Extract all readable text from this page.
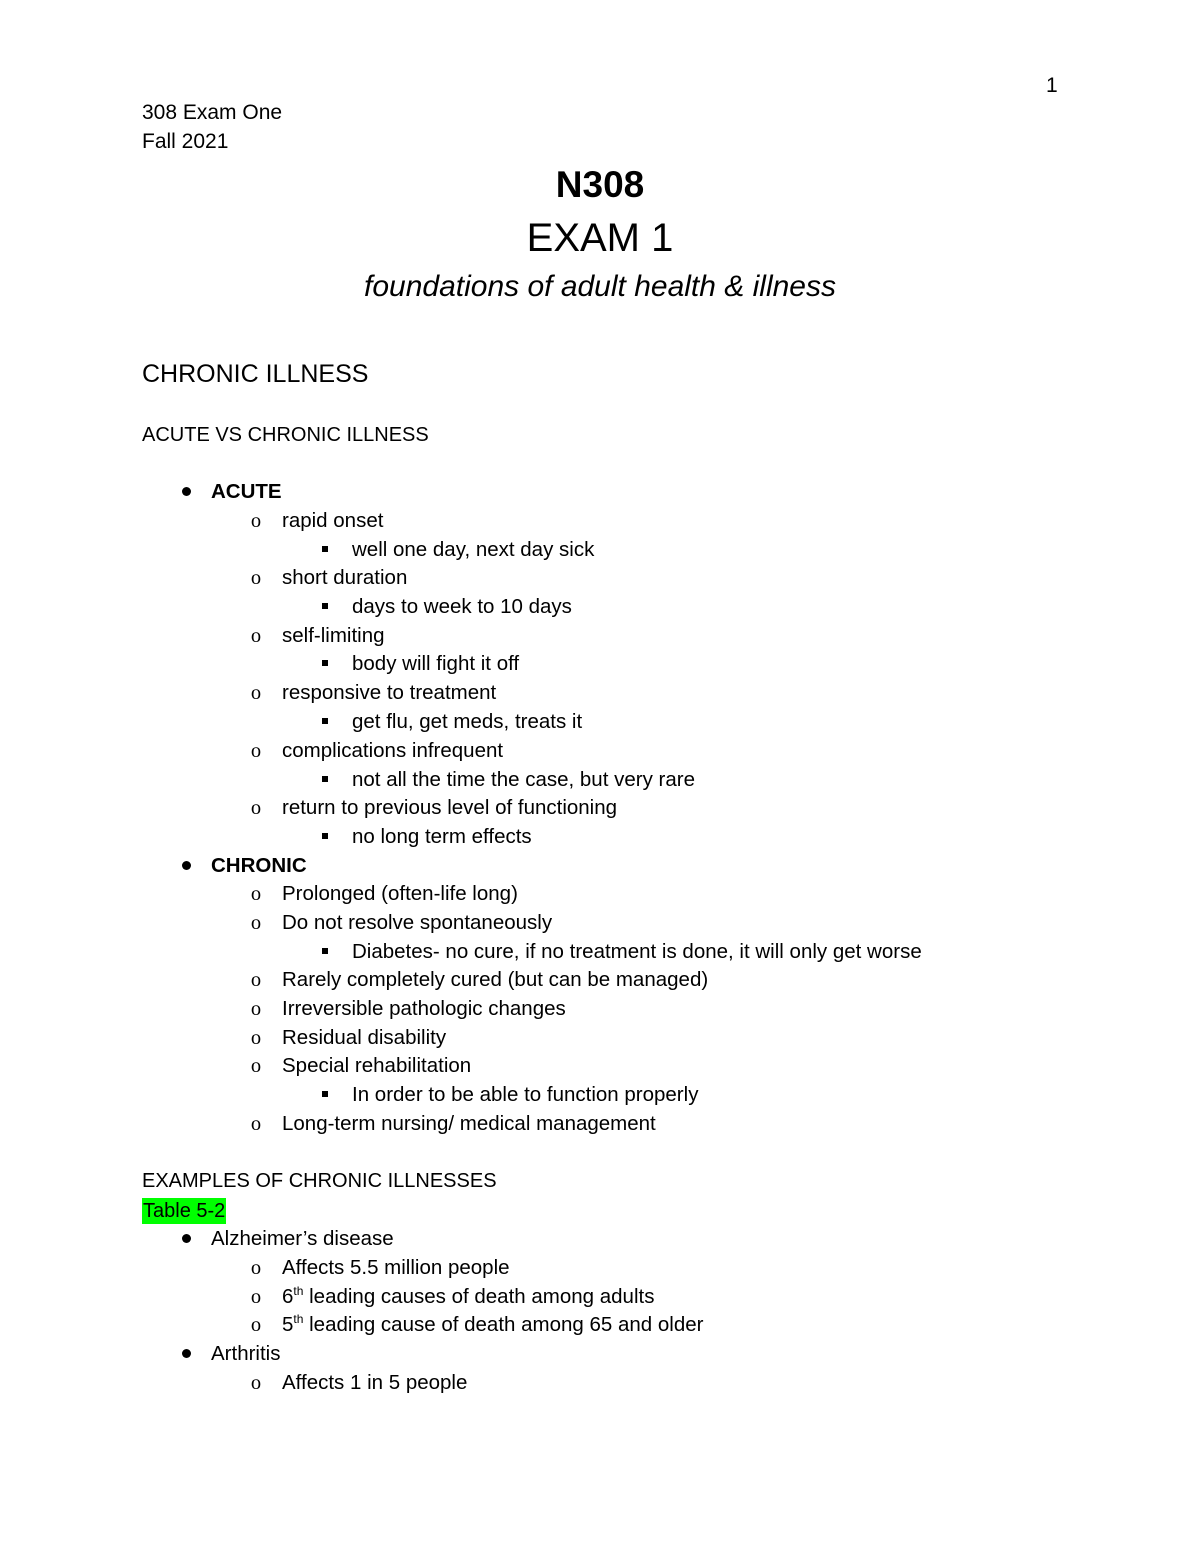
1
308 Exam One
Fall 2021
N308
EXAM 1
foundations of adult health & illness
CHRONIC ILLNESS
ACUTE VS CHRONIC ILLNESS
ACUTE
o rapid onset
well one day, next day sick
o short duration
days to week to 10 days
o self-limiting
body will fight it off
o responsive to treatment
get flu, get meds, treats it
o complications infrequent
not all the time the case, but very rare
o return to previous level of functioning
no long term effects
CHRONIC
o Prolonged (often-life long)
o Do not resolve spontaneously
Diabetes- no cure, if no treatment is done, it will only get worse
o Rarely completely cured (but can be managed)
o Irreversible pathologic changes
o Residual disability
o Special rehabilitation
In order to be able to function properly
o Long-term nursing/ medical management
EXAMPLES OF CHRONIC ILLNESSES
Table 5-2
Alzheimer’s disease
o Affects 5.5 million people
o 6th leading causes of death among adults
o 5th leading cause of death among 65 and older
Arthritis
o Affects 1 in 5 people
